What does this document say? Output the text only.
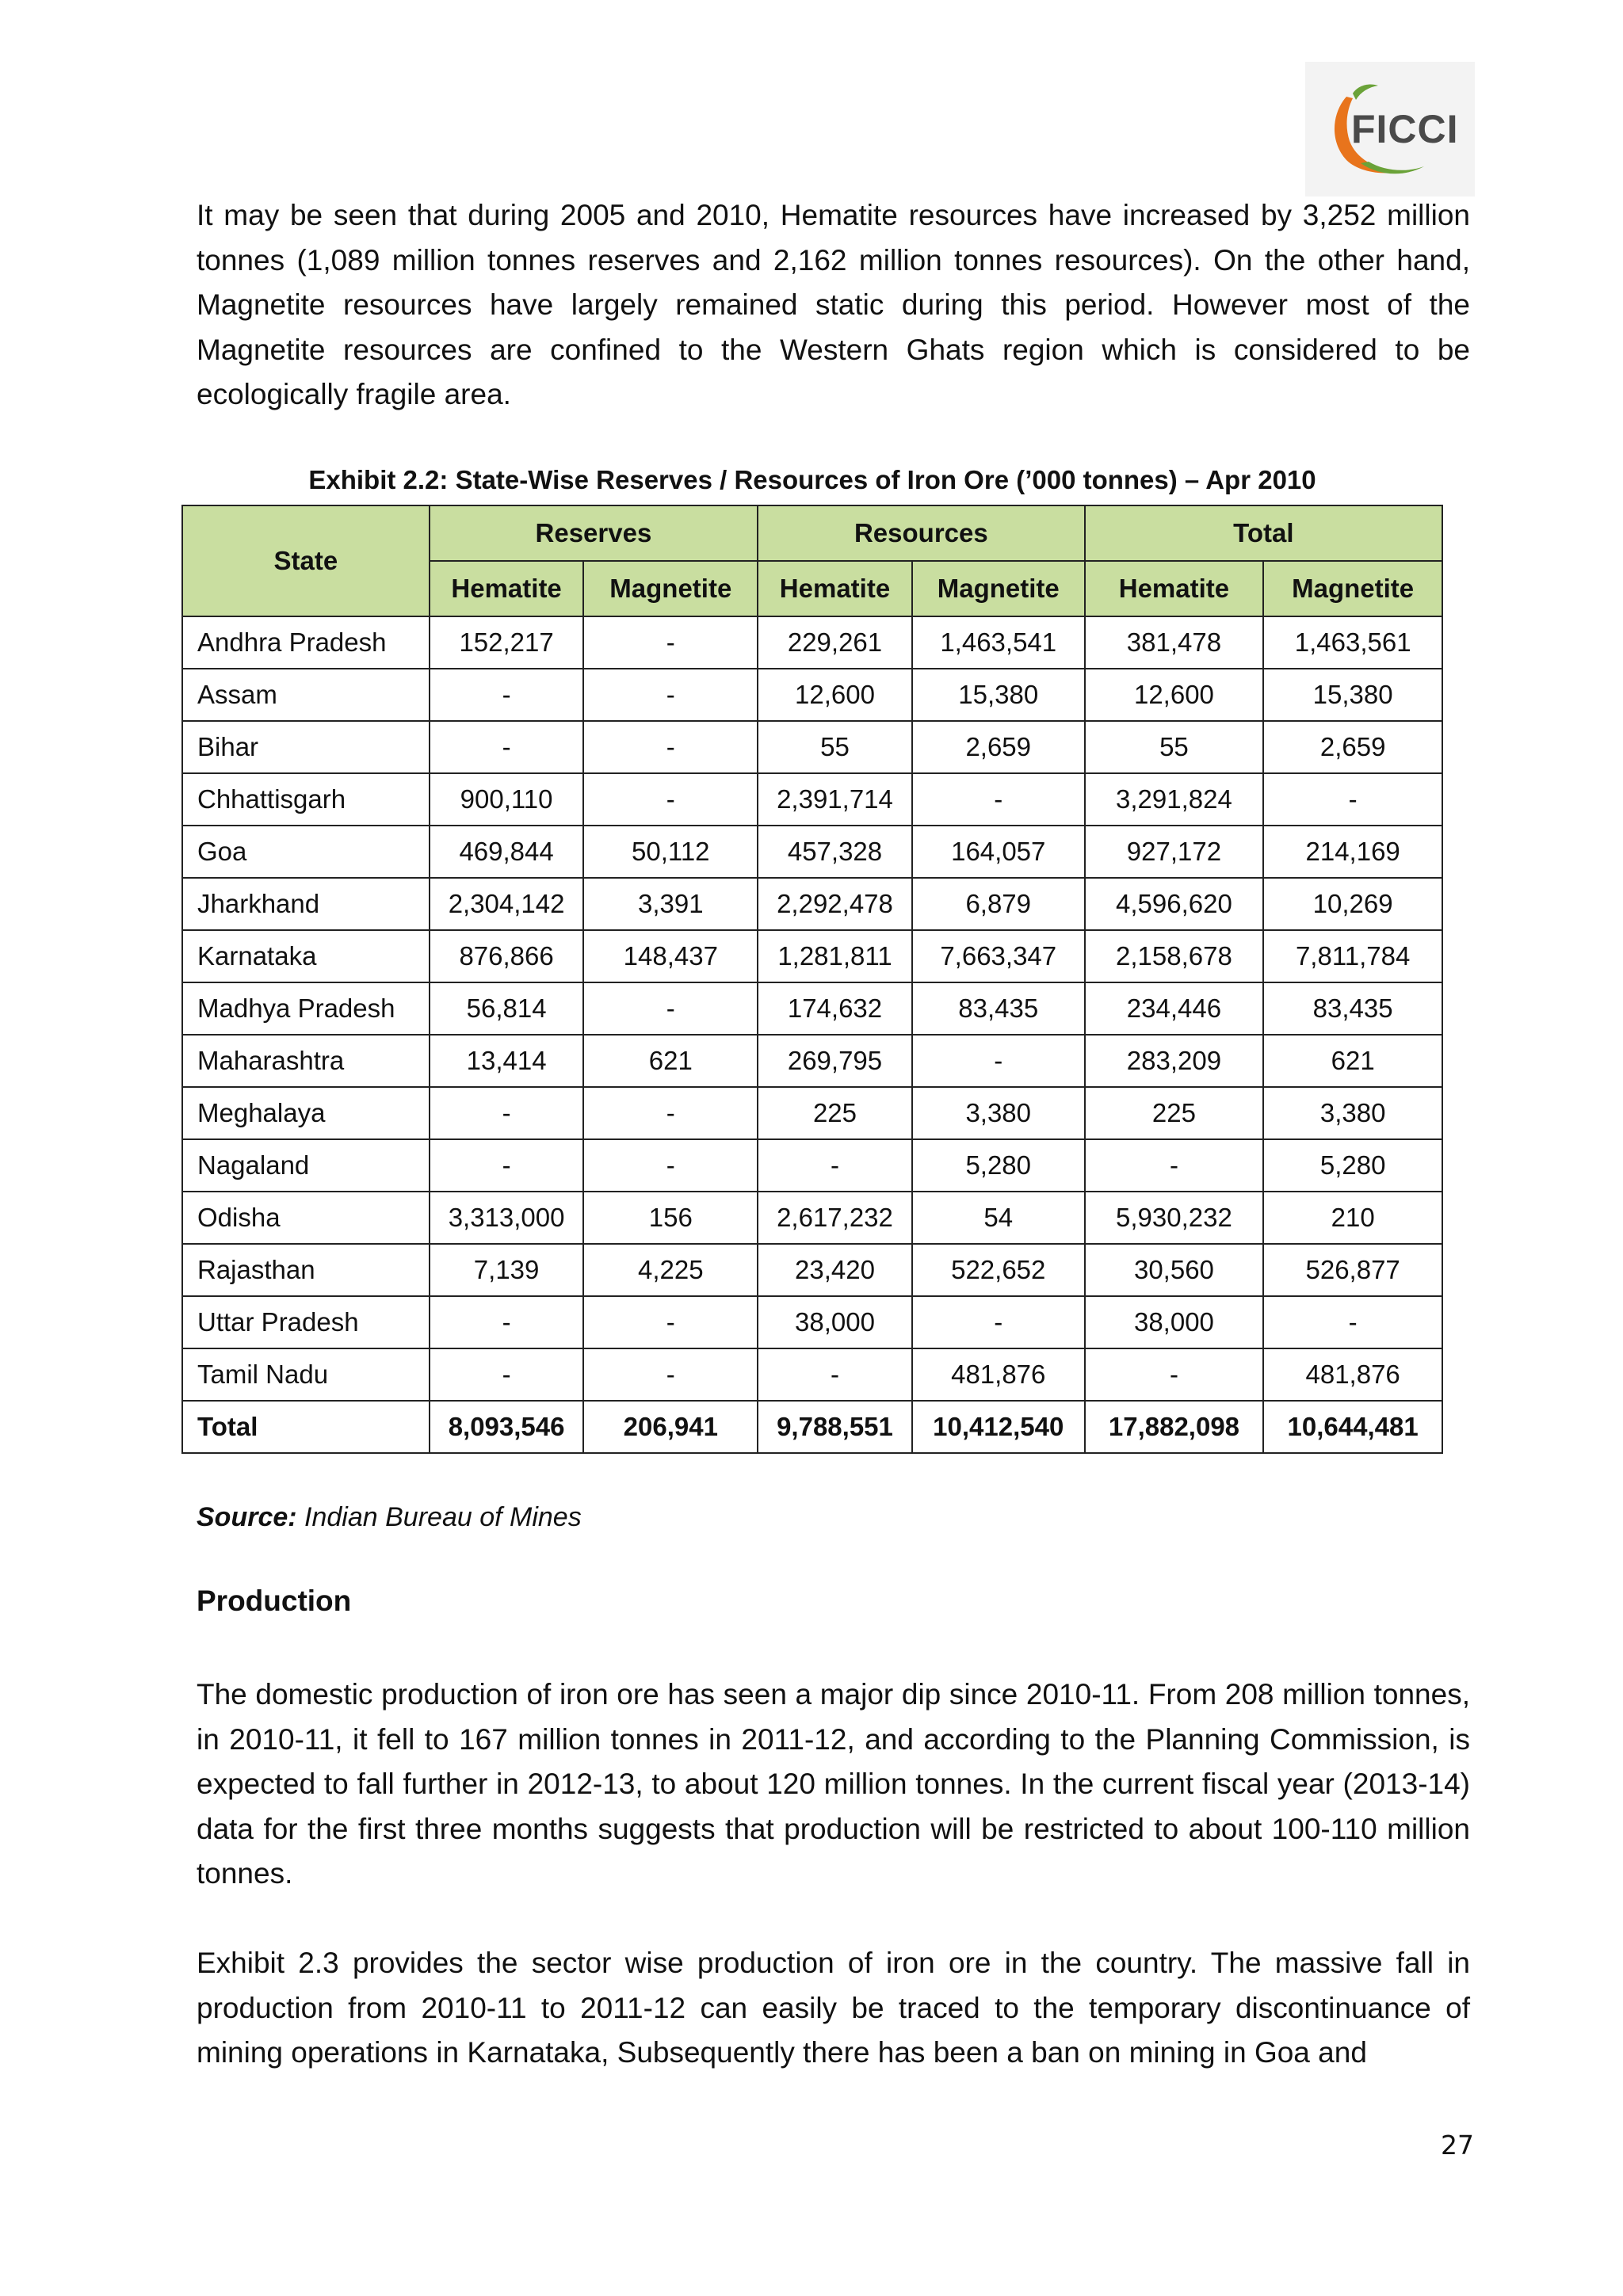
FICCI

It may be seen that during 2005 and 2010, Hematite resources have increased by 3,252 million tonnes (1,089 million tonnes reserves and 2,162 million tonnes resources). On the other hand, Magnetite resources have largely remained static during this period. However most of the Magnetite resources are confined to the Western Ghats region which is considered to be ecologically fragile area.

Exhibit 2.2: State-Wise Reserves / Resources of Iron Ore (’000 tonnes) – Apr 2010

State	Reserves		Resources		Total	
	Hematite	Magnetite	Hematite	Magnetite	Hematite	Magnetite
Andhra Pradesh	152,217	-	229,261	1,463,541	381,478	1,463,561
Assam	-	-	12,600	15,380	12,600	15,380
Bihar	-	-	55	2,659	55	2,659
Chhattisgarh	900,110	-	2,391,714	-	3,291,824	-
Goa	469,844	50,112	457,328	164,057	927,172	214,169
Jharkhand	2,304,142	3,391	2,292,478	6,879	4,596,620	10,269
Karnataka	876,866	148,437	1,281,811	7,663,347	2,158,678	7,811,784
Madhya Pradesh	56,814	-	174,632	83,435	234,446	83,435
Maharashtra	13,414	621	269,795	-	283,209	621
Meghalaya	-	-	225	3,380	225	3,380
Nagaland	-	-	-	5,280	-	5,280
Odisha	3,313,000	156	2,617,232	54	5,930,232	210
Rajasthan	7,139	4,225	23,420	522,652	30,560	526,877
Uttar Pradesh	-	-	38,000	-	38,000	-
Tamil Nadu	-	-	-	481,876	-	481,876
Total	8,093,546	206,941	9,788,551	10,412,540	17,882,098	10,644,481

Source: Indian Bureau of Mines

Production

The domestic production of iron ore has seen a major dip since 2010-11. From 208 million tonnes, in 2010-11, it fell to 167 million tonnes in 2011-12, and according to the Planning Commission, is expected to fall further in 2012-13, to about 120 million tonnes. In the current fiscal year (2013-14) data for the first three months suggests that production will be restricted to about 100-110 million tonnes.

Exhibit 2.3 provides the sector wise production of iron ore in the country. The massive fall in production from 2010-11 to 2011-12 can easily be traced to the temporary discontinuance of mining operations in Karnataka, Subsequently there has been a ban on mining in Goa and

27
